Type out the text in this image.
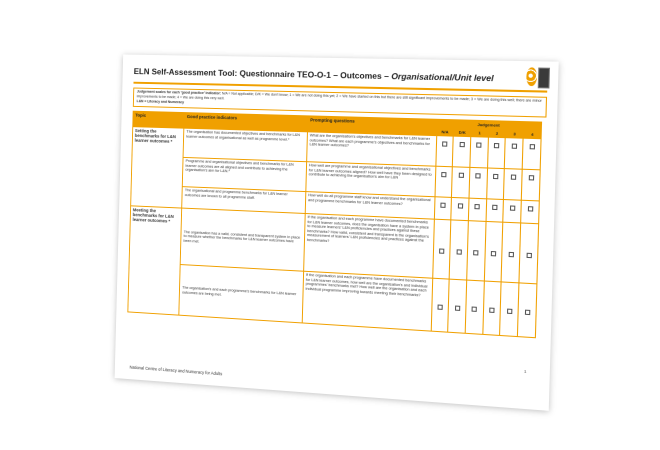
ELN Self-Assessment Tool: Questionnaire TEO-O-1 – Outcomes – Organisational/Unit level
Judgement scales for each ‘good practice’ indicator: N/A = Not applicable; D/K = We don't know; 1 = We are not doing this yet; 2 = We have started on this but there are still significant improvements to be made; 3 = We are doing this well; there are minor improvements to be made; 4 = We are doing this very well.
L&N = Literacy and Numeracy
Topic	Good practice indicators	Prompting questions	Judgement					
			N/A	D/K	1	2	3	4
Setting the benchmarks for L&N learner outcomes *	The organisation has documented objectives and benchmarks for L&N learner outcomes at organisational as well as programme level.*	What are the organisation's objectives and benchmarks for L&N learner outcomes? What are each programme's objectives and benchmarks for L&N learner outcomes?						
	Programme and organisational objectives and benchmarks for L&N learner outcomes are all aligned and contribute to achieving the organisation's aim for L&N.*	How well are programme and organisational objectives and benchmarks for L&N learner outcomes aligned? How well have they been designed to contribute to achieving the organisation's aim for L&N						
	The organisational and programme benchmarks for L&N learner outcomes are known to all programme staff.	How well do all programme staff know and understand the organisational and programme benchmarks for L&N learner outcomes?						
Meeting the benchmarks for L&N learner outcomes *	The organisation has a valid, consistent and transparent system in place to measure whether the benchmarks for L&N learner outcomes have been met.	If the organisation and each programme have documented benchmarks for L&N learner outcomes, does the organisation have a system in place to measure learners' L&N proficiencies and practices against these benchmarks? How valid, consistent and transparent is the organisation's measurement of learners' L&N proficiencies and practices against the benchmarks?						
	The organisation's and each programme's benchmarks for L&N learner outcomes are being met.	If the organisation and each programme have documented benchmarks for L&N learner outcomes, how well are the organisation's and individual programmes' benchmarks met? How well are the organisation and each individual programme improving towards meeting their benchmarks?						
1
National Centre of Literacy and Numeracy for Adults
